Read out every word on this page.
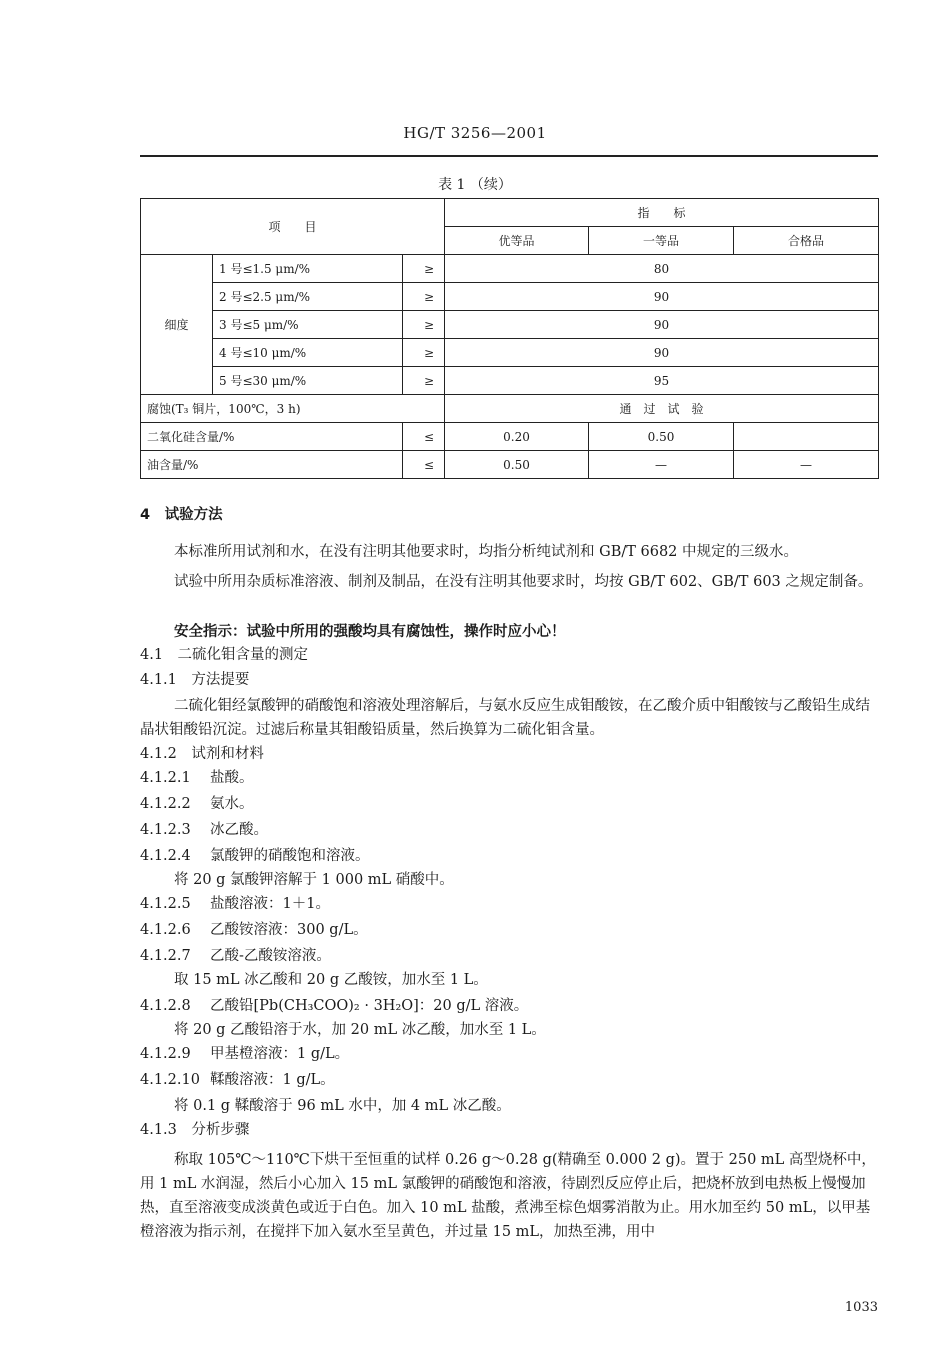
HG/T 3256—2001
表 1 （续）
项　　目			指　　标		
			优等品	一等品	合格品
细度	1 号≤1.5 μm/%	≥	80		
	2 号≤2.5 μm/%	≥	90		
	3 号≤5 μm/%	≥	90		
	4 号≤10 μm/%	≥	90		
	5 号≤30 μm/%	≥	95		
腐蚀(T₃ 铜片，100℃，3 h)			通　过　试　验		
二氧化硅含量/%		≤	0.20	0.50	
油含量/%		≤	0.50	—	—
4　试验方法
本标准所用试剂和水，在没有注明其他要求时，均指分析纯试剂和 GB/T 6682 中规定的三级水。
试验中所用杂质标准溶液、制剂及制品，在没有注明其他要求时，均按 GB/T 602、GB/T 603 之规定制备。
安全指示：试验中所用的强酸均具有腐蚀性，操作时应小心！
4.1　二硫化钼含量的测定
4.1.1　方法提要
二硫化钼经氯酸钾的硝酸饱和溶液处理溶解后，与氨水反应生成钼酸铵，在乙酸介质中钼酸铵与乙酸铅生成结晶状钼酸铅沉淀。过滤后称量其钼酸铅质量，然后换算为二硫化钼含量。
4.1.2　试剂和材料
4.1.2.1 盐酸。
4.1.2.2 氨水。
4.1.2.3 冰乙酸。
4.1.2.4 氯酸钾的硝酸饱和溶液。
将 20 g 氯酸钾溶解于 1 000 mL 硝酸中。
4.1.2.5 盐酸溶液：1＋1。
4.1.2.6 乙酸铵溶液：300 g/L。
4.1.2.7 乙酸-乙酸铵溶液。
取 15 mL 冰乙酸和 20 g 乙酸铵，加水至 1 L。
4.1.2.8 乙酸铅[Pb(CH₃COO)₂ · 3H₂O]：20 g/L 溶液。
将 20 g 乙酸铅溶于水，加 20 mL 冰乙酸，加水至 1 L。
4.1.2.9 甲基橙溶液：1 g/L。
4.1.2.10 鞣酸溶液：1 g/L。
将 0.1 g 鞣酸溶于 96 mL 水中，加 4 mL 冰乙酸。
4.1.3　分析步骤
称取 105℃～110℃下烘干至恒重的试样 0.26 g～0.28 g(精确至 0.000 2 g)。置于 250 mL 高型烧杯中，用 1 mL 水润湿，然后小心加入 15 mL 氯酸钾的硝酸饱和溶液，待剧烈反应停止后，把烧杯放到电热板上慢慢加热，直至溶液变成淡黄色或近于白色。加入 10 mL 盐酸，煮沸至棕色烟雾消散为止。用水加至约 50 mL，以甲基橙溶液为指示剂，在搅拌下加入氨水至呈黄色，并过量 15 mL，加热至沸，用中
1033
